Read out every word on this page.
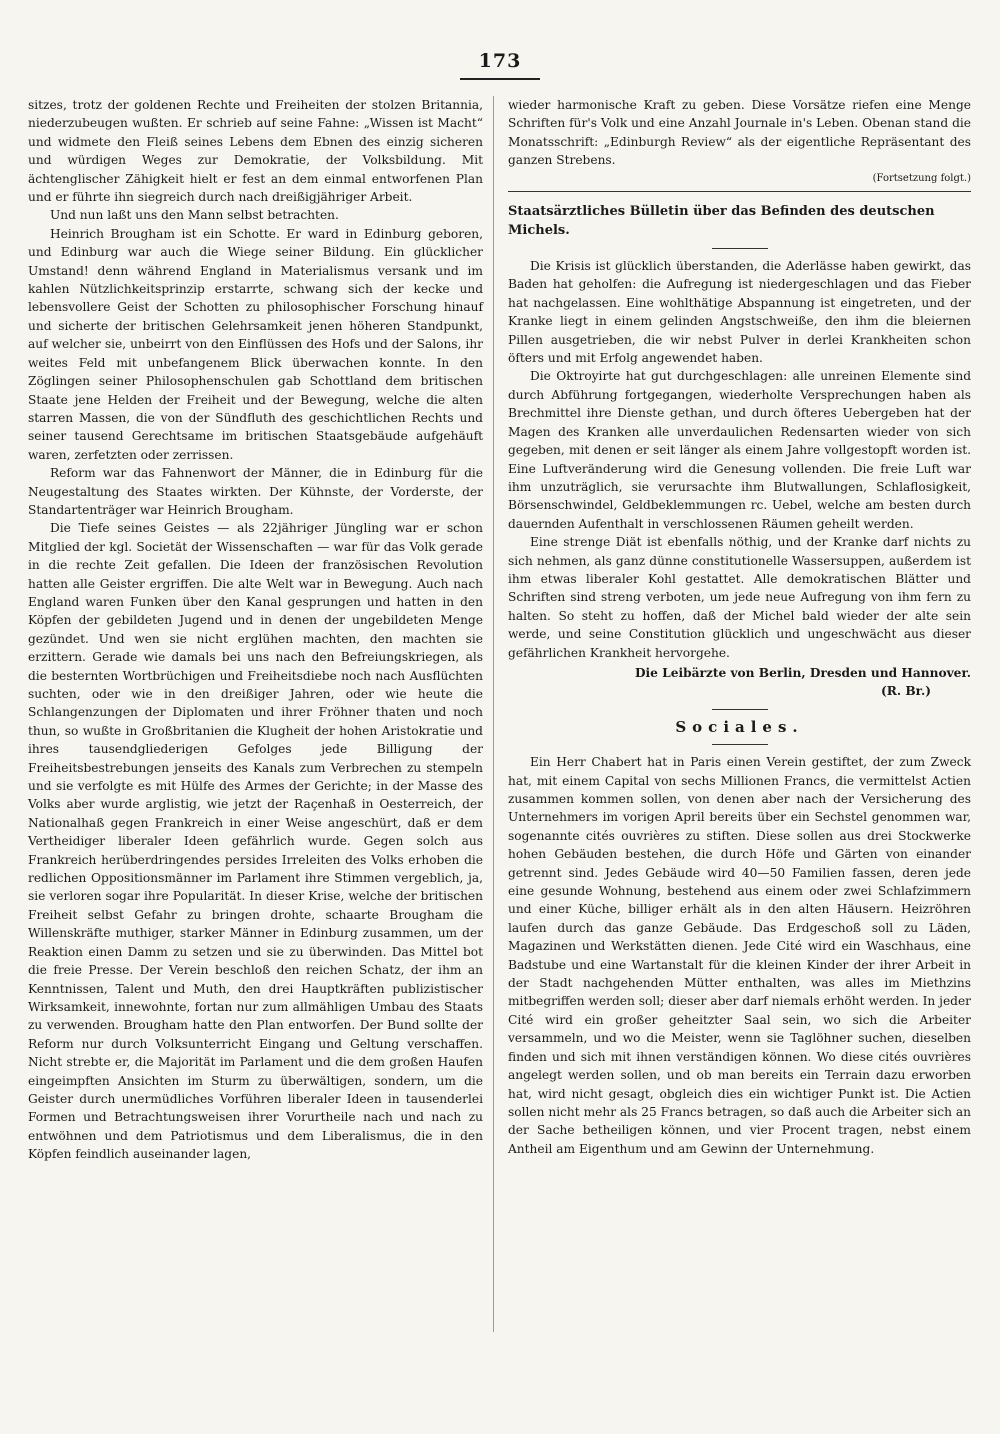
173

sitzes, trotz der goldenen Rechte und Freiheiten der stolzen Britannia, niederzubeugen wußten. Er schrieb auf seine Fahne: „Wissen ist Macht“ und widmete den Fleiß seines Lebens dem Ebnen des einzig sicheren und würdigen Weges zur Demokratie, der Volksbildung. Mit ächtenglischer Zähigkeit hielt er fest an dem einmal entworfenen Plan und er führte ihn siegreich durch nach dreißigjähriger Arbeit.

Und nun laßt uns den Mann selbst betrachten.

Heinrich Brougham ist ein Schotte. Er ward in Edinburg geboren, und Edinburg war auch die Wiege seiner Bildung. Ein glücklicher Umstand! denn während England in Materialismus versank und im kahlen Nützlichkeitsprinzip erstarrte, schwang sich der kecke und lebensvollere Geist der Schotten zu philosophischer Forschung hinauf und sicherte der britischen Gelehrsamkeit jenen höheren Standpunkt, auf welcher sie, unbeirrt von den Einflüssen des Hofs und der Salons, ihr weites Feld mit unbefangenem Blick überwachen konnte. In den Zöglingen seiner Philosophenschulen gab Schottland dem britischen Staate jene Helden der Freiheit und der Bewegung, welche die alten starren Massen, die von der Sündfluth des geschichtlichen Rechts und seiner tausend Gerechtsame im britischen Staatsgebäude aufgehäuft waren, zerfetzten oder zerrissen.

Reform war das Fahnenwort der Männer, die in Edinburg für die Neugestaltung des Staates wirkten. Der Kühnste, der Vorderste, der Standartenträger war Heinrich Brougham.

Die Tiefe seines Geistes — als 22jähriger Jüngling war er schon Mitglied der kgl. Societät der Wissenschaften — war für das Volk gerade in die rechte Zeit gefallen. Die Ideen der französischen Revolution hatten alle Geister ergriffen. Die alte Welt war in Bewegung. Auch nach England waren Funken über den Kanal gesprungen und hatten in den Köpfen der gebildeten Jugend und in denen der ungebildeten Menge gezündet. Und wen sie nicht erglühen machten, den machten sie erzittern. Gerade wie damals bei uns nach den Befreiungskriegen, als die besternten Wortbrüchigen und Freiheitsdiebe noch nach Ausflüchten suchten, oder wie in den dreißiger Jahren, oder wie heute die Schlangenzungen der Diplomaten und ihrer Fröhner thaten und noch thun, so wußte in Großbritanien die Klugheit der hohen Aristokratie und ihres tausendgliederigen Gefolges jede Billigung der Freiheitsbestrebungen jenseits des Kanals zum Verbrechen zu stempeln und sie verfolgte es mit Hülfe des Armes der Gerichte; in der Masse des Volks aber wurde arglistig, wie jetzt der Raçenhaß in Oesterreich, der Nationalhaß gegen Frankreich in einer Weise angeschürt, daß er dem Vertheidiger liberaler Ideen gefährlich wurde. Gegen solch aus Frankreich herüberdringendes persides Irreleiten des Volks erhoben die redlichen Oppositionsmänner im Parlament ihre Stimmen vergeblich, ja, sie verloren sogar ihre Popularität. In dieser Krise, welche der britischen Freiheit selbst Gefahr zu bringen drohte, schaarte Brougham die Willenskräfte muthiger, starker Männer in Edinburg zusammen, um der Reaktion einen Damm zu setzen und sie zu überwinden. Das Mittel bot die freie Presse. Der Verein beschloß den reichen Schatz, der ihm an Kenntnissen, Talent und Muth, den drei Hauptkräften publizistischer Wirksamkeit, innewohnte, fortan nur zum allmähligen Umbau des Staats zu verwenden. Brougham hatte den Plan entworfen. Der Bund sollte der Reform nur durch Volksunterricht Eingang und Geltung verschaffen. Nicht strebte er, die Majorität im Parlament und die dem großen Haufen eingeimpften Ansichten im Sturm zu überwältigen, sondern, um die Geister durch unermüdliches Vorführen liberaler Ideen in tausenderlei Formen und Betrachtungsweisen ihrer Vorurtheile nach und nach zu entwöhnen und dem Patriotismus und dem Liberalismus, die in den Köpfen feindlich auseinander lagen,

wieder harmonische Kraft zu geben. Diese Vorsätze riefen eine Menge Schriften für's Volk und eine Anzahl Journale in's Leben. Obenan stand die Monatsschrift: „Edinburgh Review“ als der eigentliche Repräsentant des ganzen Strebens.

(Fortsetzung folgt.)
Staatsärztliches Bülletin über das Befinden des deutschen Michels.

Die Krisis ist glücklich überstanden, die Aderlässe haben gewirkt, das Baden hat geholfen: die Aufregung ist niedergeschlagen und das Fieber hat nachgelassen. Eine wohlthätige Abspannung ist eingetreten, und der Kranke liegt in einem gelinden Angstschweiße, den ihm die bleiernen Pillen ausgetrieben, die wir nebst Pulver in derlei Krankheiten schon öfters und mit Erfolg angewendet haben.

Die Oktroyirte hat gut durchgeschlagen: alle unreinen Elemente sind durch Abführung fortgegangen, wiederholte Versprechungen haben als Brechmittel ihre Dienste gethan, und durch öfteres Uebergeben hat der Magen des Kranken alle unverdaulichen Redensarten wieder von sich gegeben, mit denen er seit länger als einem Jahre vollgestopft worden ist. Eine Luftveränderung wird die Genesung vollenden. Die freie Luft war ihm unzuträglich, sie verursachte ihm Blutwallungen, Schlaflosigkeit, Börsenschwindel, Geldbeklemmungen rc. Uebel, welche am besten durch dauernden Aufenthalt in verschlossenen Räumen geheilt werden.

Eine strenge Diät ist ebenfalls nöthig, und der Kranke darf nichts zu sich nehmen, als ganz dünne constitutionelle Wassersuppen, außerdem ist ihm etwas liberaler Kohl gestattet. Alle demokratischen Blätter und Schriften sind streng verboten, um jede neue Aufregung von ihm fern zu halten. So steht zu hoffen, daß der Michel bald wieder der alte sein werde, und seine Constitution glücklich und ungeschwächt aus dieser gefährlichen Krankheit hervorgehe.

Die Leibärzte von Berlin, Dresden und Hannover.
(R. Br.)
Sociales.

Ein Herr Chabert hat in Paris einen Verein gestiftet, der zum Zweck hat, mit einem Capital von sechs Millionen Francs, die vermittelst Actien zusammen kommen sollen, von denen aber nach der Versicherung des Unternehmers im vorigen April bereits über ein Sechstel genommen war, sogenannte cités ouvrières zu stiften. Diese sollen aus drei Stockwerke hohen Gebäuden bestehen, die durch Höfe und Gärten von einander getrennt sind. Jedes Gebäude wird 40—50 Familien fassen, deren jede eine gesunde Wohnung, bestehend aus einem oder zwei Schlafzimmern und einer Küche, billiger erhält als in den alten Häusern. Heizröhren laufen durch das ganze Gebäude. Das Erdgeschoß soll zu Läden, Magazinen und Werkstätten dienen. Jede Cité wird ein Waschhaus, eine Badstube und eine Wartanstalt für die kleinen Kinder der ihrer Arbeit in der Stadt nachgehenden Mütter enthalten, was alles im Miethzins mitbegriffen werden soll; dieser aber darf niemals erhöht werden. In jeder Cité wird ein großer geheitzter Saal sein, wo sich die Arbeiter versammeln, und wo die Meister, wenn sie Taglöhner suchen, dieselben finden und sich mit ihnen verständigen können. Wo diese cités ouvrières angelegt werden sollen, und ob man bereits ein Terrain dazu erworben hat, wird nicht gesagt, obgleich dies ein wichtiger Punkt ist. Die Actien sollen nicht mehr als 25 Francs betragen, so daß auch die Arbeiter sich an der Sache betheiligen können, und vier Procent tragen, nebst einem Antheil am Eigenthum und am Gewinn der Unternehmung.
